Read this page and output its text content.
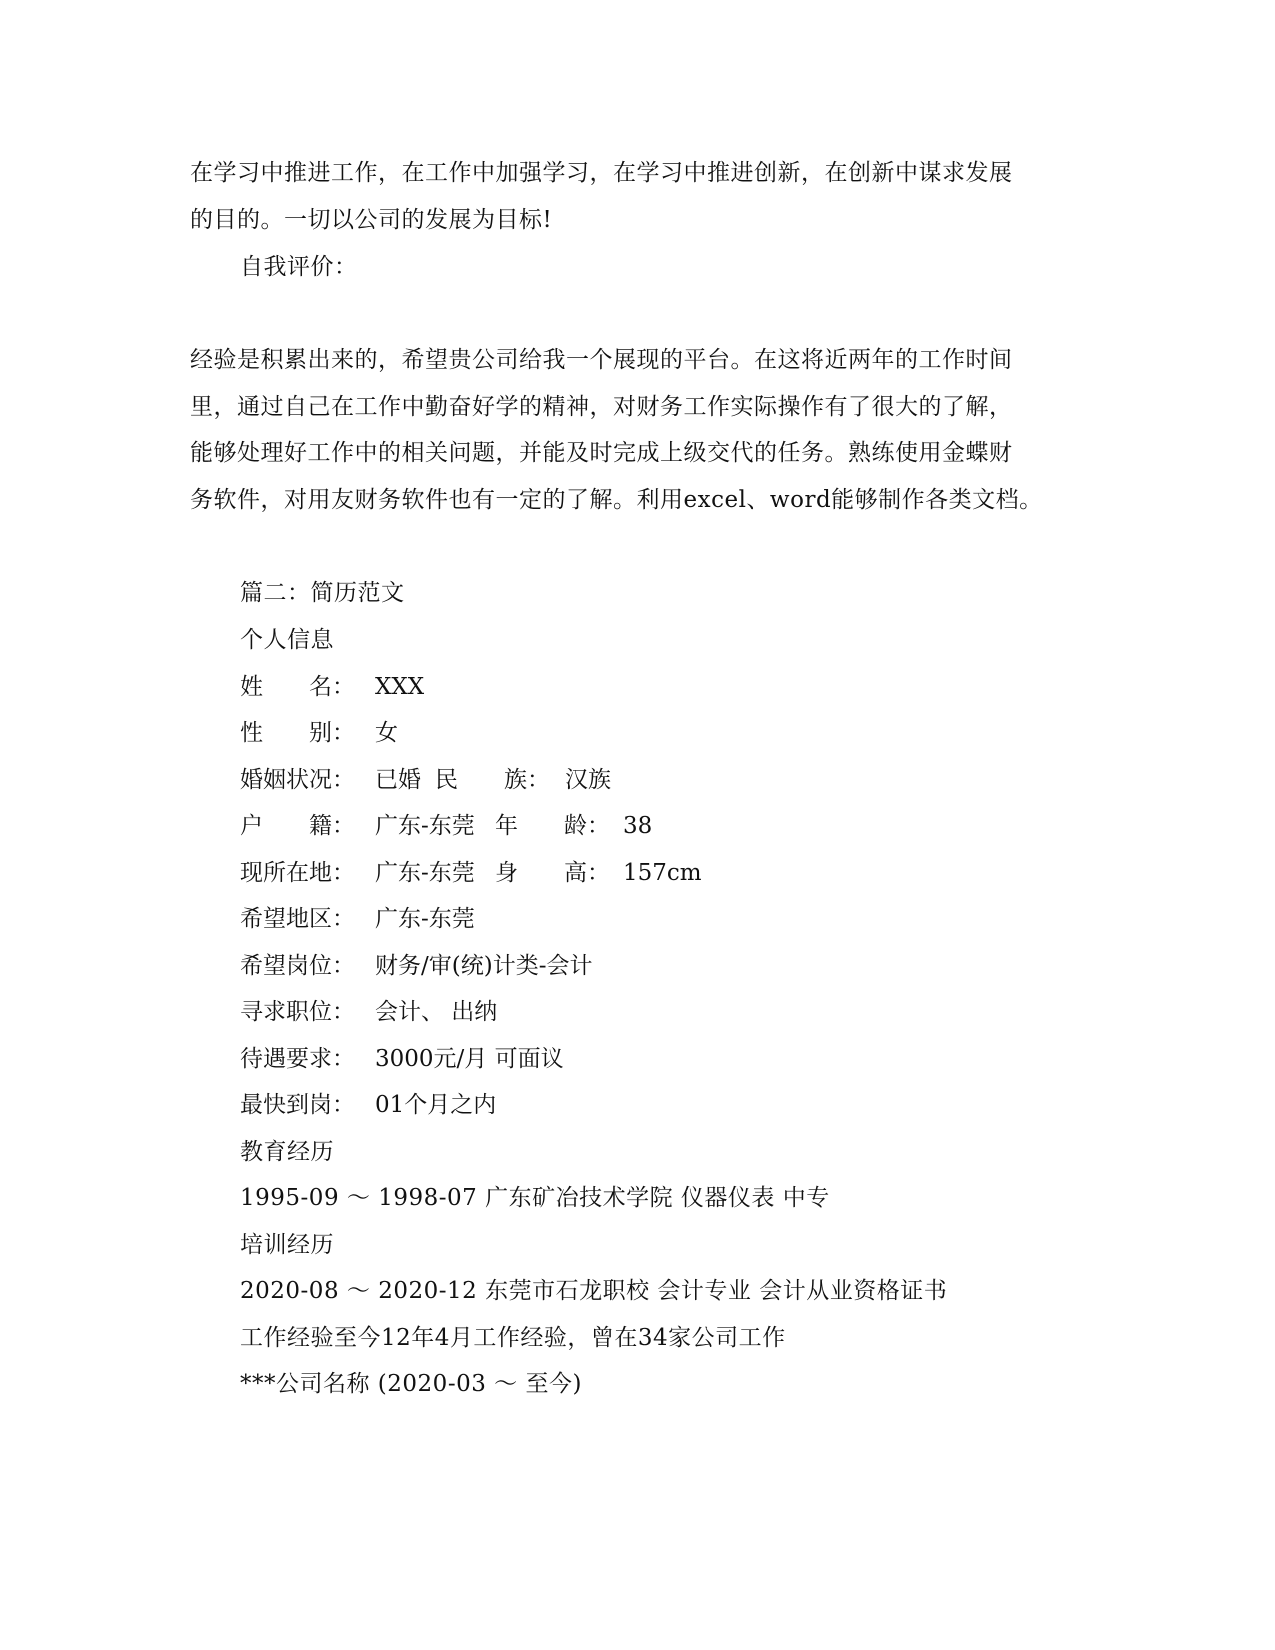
在学习中推进工作，在工作中加强学习，在学习中推进创新，在创新中谋求发展
的目的。一切以公司的发展为目标!
自我评价：
经验是积累出来的，希望贵公司给我一个展现的平台。在这将近两年的工作时间
里，通过自己在工作中勤奋好学的精神，对财务工作实际操作有了很大的了解，
能够处理好工作中的相关问题，并能及时完成上级交代的任务。熟练使用金蝶财
务软件，对用友财务软件也有一定的了解。利用excel、word能够制作各类文档。
篇二：简历范文
个人信息
姓　　名： XXX
性　　别： 女
婚姻状况： 已婚 民　　族： 汉族
户　　籍： 广东-东莞 年　　龄： 38
现所在地： 广东-东莞 身　　高： 157cm
希望地区： 广东-东莞
希望岗位： 财务/审(统)计类-会计
寻求职位： 会计、 出纳
待遇要求： 3000元/月 可面议
最快到岗： 01个月之内
教育经历
1995-09 ～ 1998-07 广东矿冶技术学院 仪器仪表 中专
培训经历
2020-08 ～ 2020-12 东莞市石龙职校 会计专业 会计从业资格证书
工作经验至今12年4月工作经验，曾在34家公司工作
***公司名称 (2020-03 ～ 至今)
